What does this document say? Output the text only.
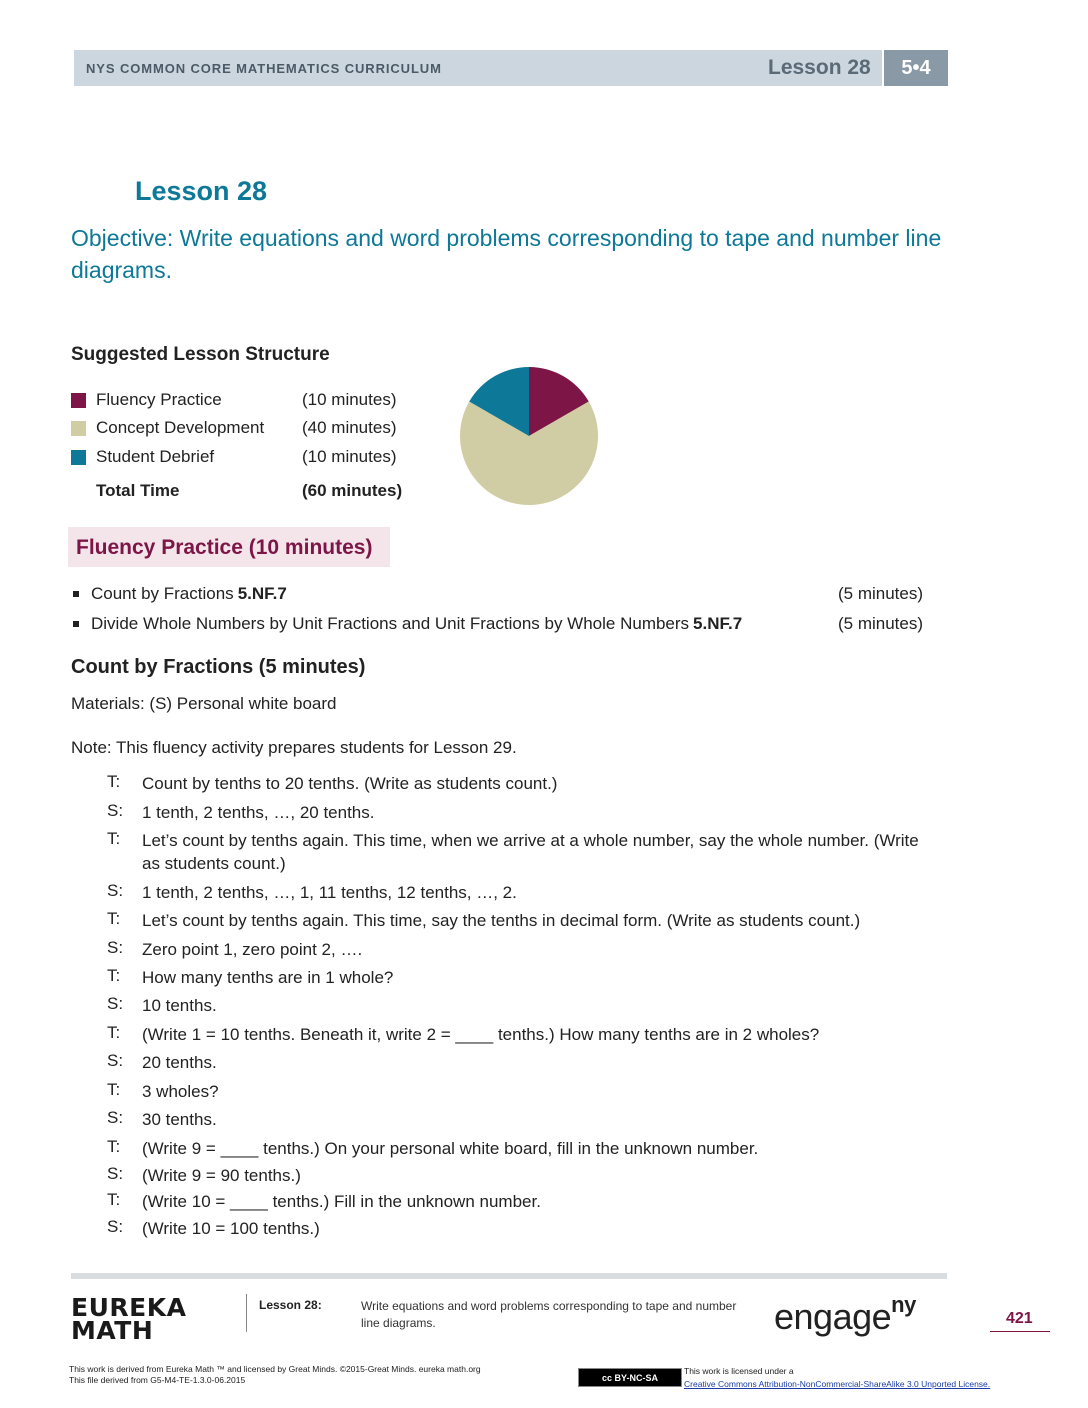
NYS COMMON CORE MATHEMATICS CURRICULUM	Lesson 28	5•4
Lesson 28
Objective: Write equations and word problems corresponding to tape and number line diagrams.
Suggested Lesson Structure
Fluency Practice	(10 minutes)
Concept Development	(40 minutes)
Student Debrief	(10 minutes)
Total Time	(60 minutes)
Fluency Practice (10 minutes)
Count by Fractions 5.NF.7	(5 minutes)
Divide Whole Numbers by Unit Fractions and Unit Fractions by Whole Numbers 5.NF.7	(5 minutes)
Count by Fractions (5 minutes)
Materials: (S) Personal white board
Note: This fluency activity prepares students for Lesson 29.
T: Count by tenths to 20 tenths. (Write as students count.)
S: 1 tenth, 2 tenths, …, 20 tenths.
T: Let’s count by tenths again. This time, when we arrive at a whole number, say the whole number. (Write as students count.)
S: 1 tenth, 2 tenths, …, 1, 11 tenths, 12 tenths, …, 2.
T: Let’s count by tenths again. This time, say the tenths in decimal form. (Write as students count.)
S: Zero point 1, zero point 2, ….
T: How many tenths are in 1 whole?
S: 10 tenths.
T: (Write 1 = 10 tenths. Beneath it, write 2 = ____ tenths.) How many tenths are in 2 wholes?
S: 20 tenths.
T: 3 wholes?
S: 30 tenths.
T: (Write 9 = ____ tenths.) On your personal white board, fill in the unknown number.
S: (Write 9 = 90 tenths.)
T: (Write 10 = ____ tenths.) Fill in the unknown number.
S: (Write 10 = 100 tenths.)
EUREKA
MATH
Lesson 28:	Write equations and word problems corresponding to tape and number line diagrams.	engage$^{ny}$
421
This work is derived from Eureka Math ™ and licensed by Great Minds. ©2015-Great Minds. eureka math.org
This file derived from G5-M4-TE-1.3.0-06.2015	cc BY-NC-SA
This work is licensed under a
Creative Commons Attribution-NonCommercial-ShareAlike 3.0 Unported License.
